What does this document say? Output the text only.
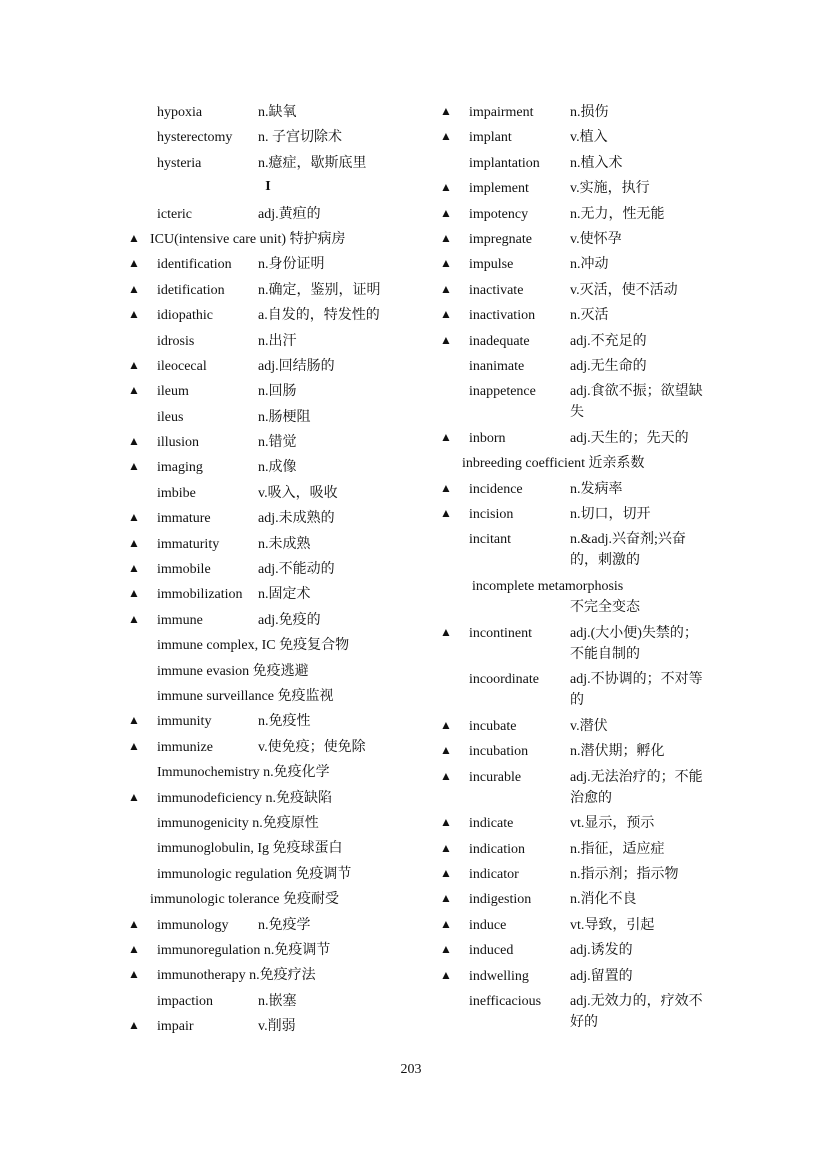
hypoxia	n.缺氧
hysterectomy n. 子宫切除术
hysteria	n.癔症，歇斯底里
I
icteric	adj.黄疸的
▲ ICU(intensive care unit) 特护病房
▲	identification n.身份证明
▲	idetification n.确定，鉴别，证明
▲	idiopathic	a.自发的，特发性的
idrosis	n.出汗
▲	ileocecal	adj.回结肠的
▲	ileum	n.回肠
ileus	n.肠梗阻
▲	illusion	n.错觉
▲	imaging	n.成像
imbibe	v.吸入，吸收
▲	immature	adj.未成熟的
▲	immaturity	n.未成熟
▲	immobile	adj.不能动的
▲	immobilization n.固定术
▲	immune	adj.免疫的
immune complex, IC 免疫复合物
immune evasion 免疫逃避
immune surveillance 免疫监视
▲	immunity	n.免疫性
▲	immunize	v.使免疫；使免除
Immunochemistry n.免疫化学
▲	immunodeficiency n.免疫缺陷
immunogenicity n.免疫原性
immunoglobulin, Ig 免疫球蛋白
immunologic regulation 免疫调节
immunologic tolerance 免疫耐受
▲	immunology n.免疫学
▲	immunoregulation n.免疫调节
▲	immunotherapy n.免疫疗法
impaction	n.嵌塞
▲	impair	v.削弱
▲	impairment	n.损伤
▲	implant	v.植入
implantation n.植入术
▲	implement	v.实施，执行
▲	impotency	n.无力，性无能
▲	impregnate	v.使怀孕
▲	impulse	n.冲动
▲	inactivate	v.灭活，使不活动
▲	inactivation n.灭活
▲	inadequate	adj.不充足的
inanimate	adj.无生命的
inappetence adj.食欲不振；欲望缺失
▲	inborn	adj.天生的；先天的
inbreeding coefficient 近亲系数
▲	incidence	n.发病率
▲	incision	n.切口，切开
incitant	n.&adj.兴奋剂;兴奋的，刺激的
incomplete metamorphosis
不完全变态
▲	incontinent	adj.(大小便)失禁的；不能自制的
incoordinate adj.不协调的；不对等的
▲	incubate	v.潜伏
▲	incubation	n.潜伏期；孵化
▲	incurable	adj.无法治疗的；不能治愈的
▲	indicate	vt.显示，预示
▲	indication	n.指征，适应症
▲	indicator	n.指示剂；指示物
▲	indigestion	n.消化不良
▲	induce	vt.导致，引起
▲	induced	adj.诱发的
▲	indwelling	adj.留置的
inefficacious adj.无效力的，疗效不好的
203
